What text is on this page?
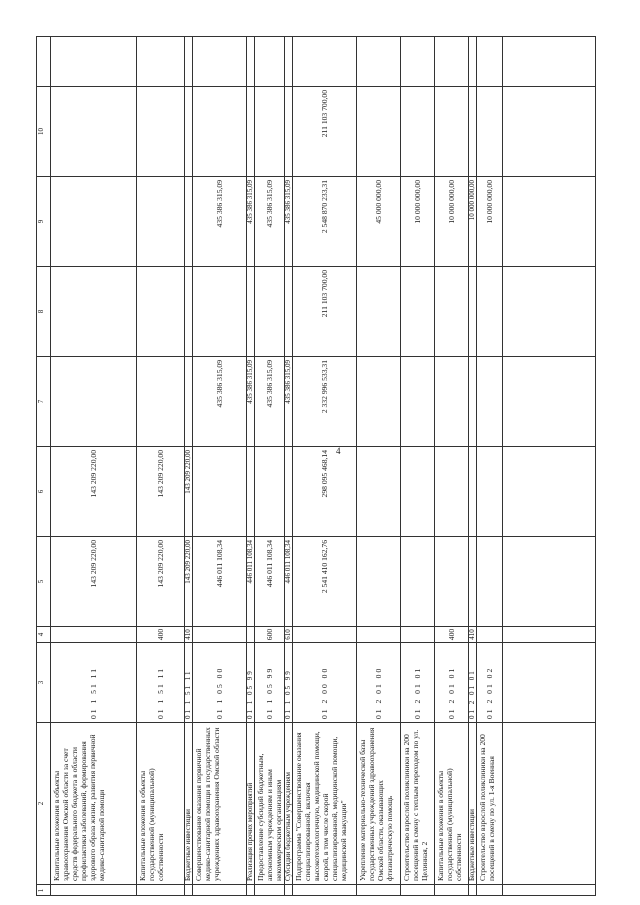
4
1
2
3
4
5
6
7
8
9
10
Капитальные вложения в объекты здравоохранения Омской области за счет средств федерального бюджета в области профилактики заболеваний, формирования здорового образа жизни, развития первичной медико-санитарной помощи
01 1 51 11
143 209 220,00
143 209 220,00
Капитальные вложения в объекты государственной (муниципальной) собственности
01 1 51 11
400
143 209 220,00
143 209 220,00
Бюджетные инвестиции
01 1 51 11
410
143 209 220,00
143 209 220,00
Совершенствование оказания первичной медико-санитарной помощи в государственных учреждениях здравоохранения Омской области
01 1 05 00
446 011 108,34
435 386 315,09
435 386 315,09
Реализация прочих мероприятий
01 1 05 99
446 011 108,34
435 386 315,09
435 386 315,09
Предоставление субсидий бюджетным, автономным учреждениям и иным некоммерческим организациям
01 1 05 99
600
446 011 108,34
435 386 315,09
435 386 315,09
Субсидии бюджетным учреждениям
01 1 05 99
610
446 011 108,34
435 386 315,09
435 386 315,09
Подпрограмма "Совершенствование оказания специализированной, включая высокотехнологичную, медицинской помощи, скорой, в том числе скорой специализированной, медицинской помощи, медицинской эвакуации"
01 2 00 00
2 541 410 162,76
298 095 468,14
2 332 996 533,31
211 103 700,00
2 548 870 233,31
211 103 700,00
Укрепление материально-технической базы государственных учреждений здравоохранения Омской области, оказывающих фтизиатрическую помощь
01 2 01 00
45 000 000,00
Строительство взрослой поликлиники на 200 посещений в смену с теплым переходом по ул. Целинная, 2
01 2 01 01
10 000 000,00
Капитальные вложения в объекты государственной (муниципальной) собственности
01 2 01 01
400
10 000 000,00
Бюджетные инвестиции
01 2 01 01
410
10 000 000,00
Строительство взрослой поликлиники на 200 посещений в смену по ул. 1-я Военная
01 2 01 02
10 000 000,00
